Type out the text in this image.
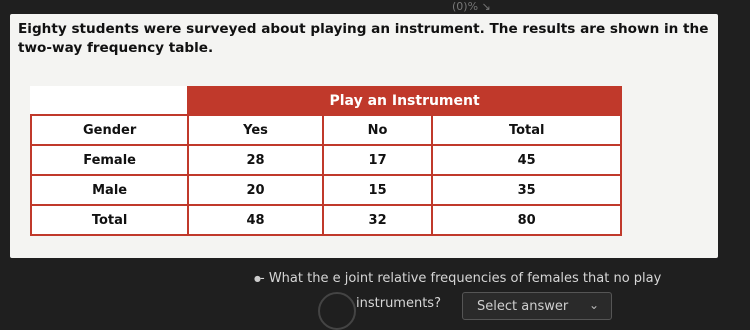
(0)% ↘
Eighty students were surveyed about playing an instrument. The results are shown in the two-way frequency table.
	Play an Instrument		
Gender	Yes	No	Total
Female	28	17	45
Male	20	15	35
Total	48	32	80
● - What the e joint relative frequencies of females that no play
instruments?	Select answer ⌄
